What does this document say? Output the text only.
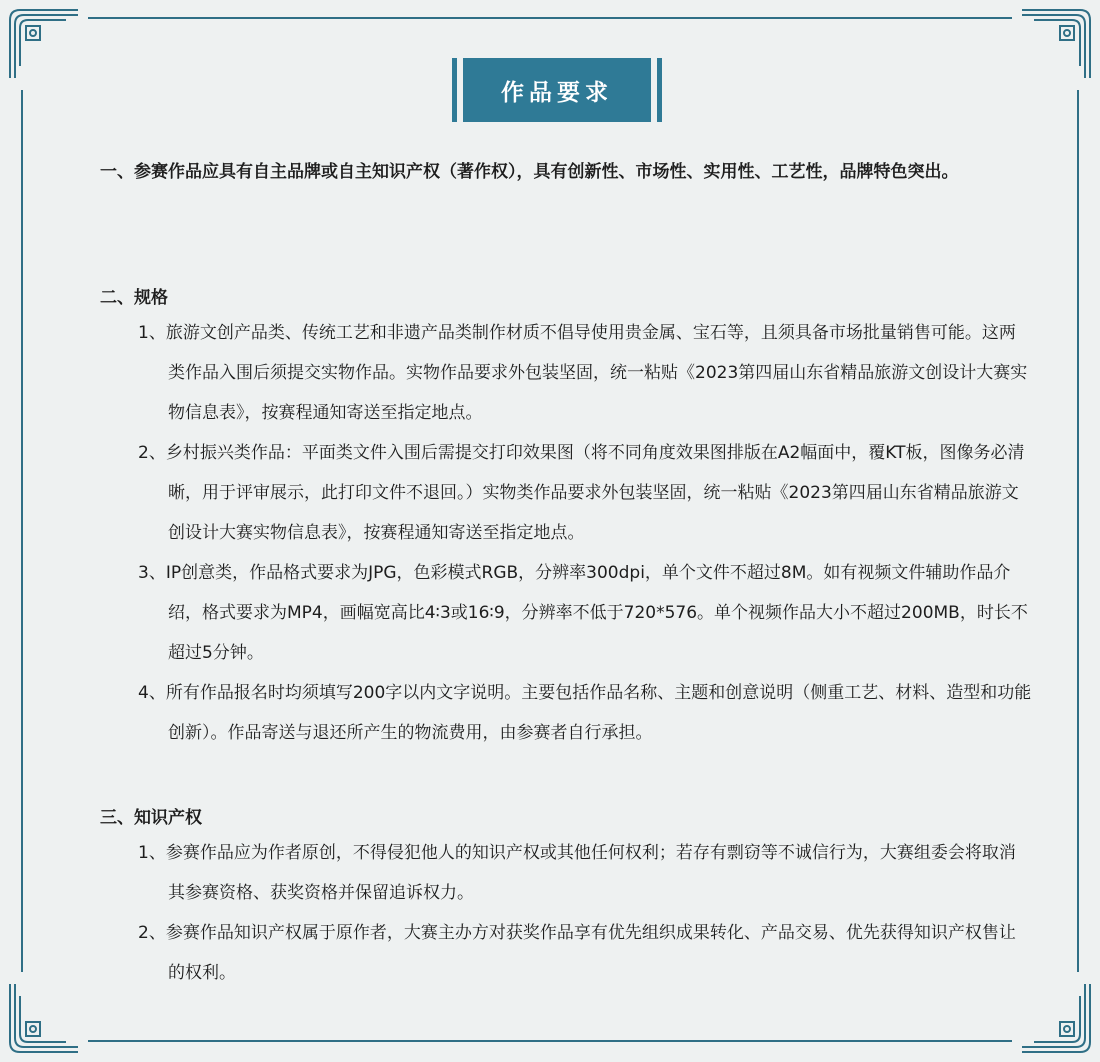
作品要求

一、参赛作品应具有自主品牌或自主知识产权（著作权），具有创新性、市场性、实用性、工艺性，品牌特色突出。

二、规格

1、旅游文创产品类、传统工艺和非遗产品类制作材质不倡导使用贵金属、宝石等，且须具备市场批量销售可能。这两类作品入围后须提交实物作品。实物作品要求外包装坚固，统一粘贴《2023第四届山东省精品旅游文创设计大赛实物信息表》，按赛程通知寄送至指定地点。

2、乡村振兴类作品：平面类文件入围后需提交打印效果图（将不同角度效果图排版在A2幅面中，覆KT板，图像务必清晰，用于评审展示，此打印文件不退回。）实物类作品要求外包装坚固，统一粘贴《2023第四届山东省精品旅游文创设计大赛实物信息表》，按赛程通知寄送至指定地点。

3、IP创意类，作品格式要求为JPG，色彩模式RGB，分辨率300dpi，单个文件不超过8M。如有视频文件辅助作品介绍，格式要求为MP4，画幅宽高比4∶3或16∶9，分辨率不低于720*576。单个视频作品大小不超过200MB，时长不超过5分钟。

4、所有作品报名时均须填写200字以内文字说明。主要包括作品名称、主题和创意说明（侧重工艺、材料、造型和功能创新）。作品寄送与退还所产生的物流费用，由参赛者自行承担。

三、知识产权

1、参赛作品应为作者原创，不得侵犯他人的知识产权或其他任何权利；若存有剽窃等不诚信行为，大赛组委会将取消其参赛资格、获奖资格并保留追诉权力。

2、参赛作品知识产权属于原作者，大赛主办方对获奖作品享有优先组织成果转化、产品交易、优先获得知识产权售让的权利。
